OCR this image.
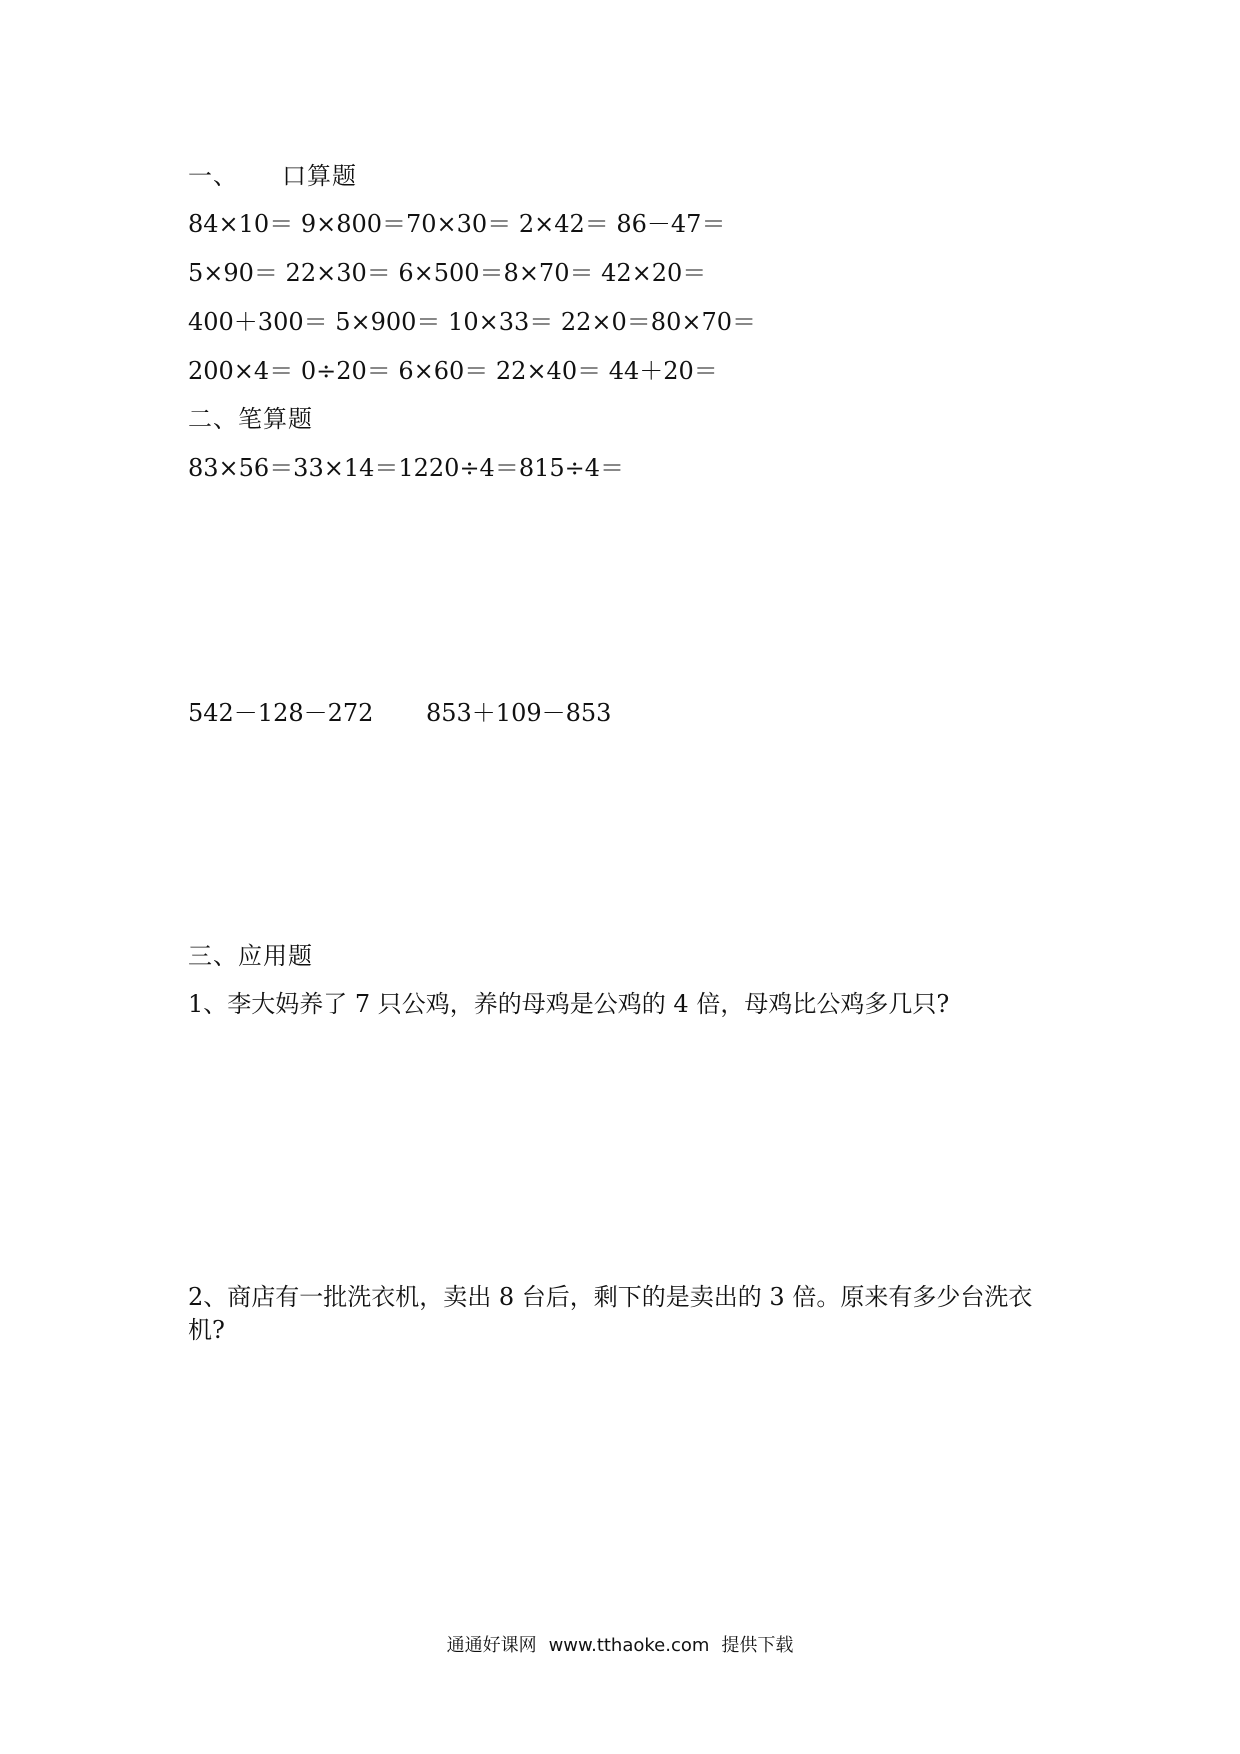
一、 口算题
84×10＝ 9×800＝70×30＝ 2×42＝ 86－47＝
5×90＝ 22×30＝ 6×500＝8×70＝ 42×20＝
400＋300＝ 5×900＝ 10×33＝ 22×0＝80×70＝
200×4＝ 0÷20＝ 6×60＝ 22×40＝ 44＋20＝
二、笔算题
83×56＝33×14＝1220÷4＝815÷4＝
542－128－272 853＋109－853
三、应用题
1、李大妈养了 7 只公鸡，养的母鸡是公鸡的 4 倍，母鸡比公鸡多几只?
2、商店有一批洗衣机，卖出 8 台后，剩下的是卖出的 3 倍。原来有多少台洗衣
机?
通通好课网 www.tthaoke.com 提供下载
